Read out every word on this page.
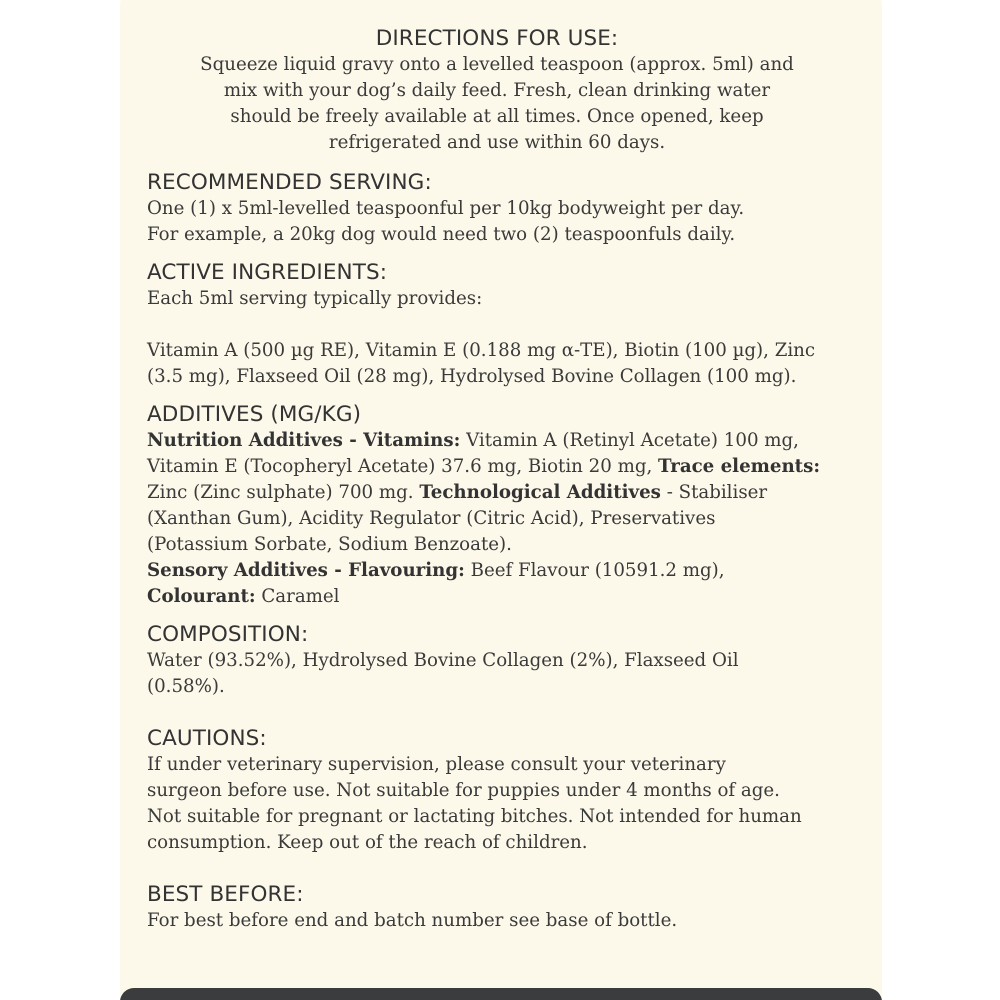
DIRECTIONS FOR USE:

Squeeze liquid gravy onto a levelled teaspoon (approx. 5ml) and
mix with your dog’s daily feed. Fresh, clean drinking water
should be freely available at all times. Once opened, keep
refrigerated and use within 60 days.

RECOMMENDED SERVING:

One (1) x 5ml-levelled teaspoonful per 10kg bodyweight per day.
For example, a 20kg dog would need two (2) teaspoonfuls daily.

ACTIVE INGREDIENTS:

Each 5ml serving typically provides:

Vitamin A (500 µg RE), Vitamin E (0.188 mg α-TE), Biotin (100 µg), Zinc
(3.5 mg), Flaxseed Oil (28 mg), Hydrolysed Bovine Collagen (100 mg).

ADDITIVES (MG/KG)

Nutrition Additives - Vitamins: Vitamin A (Retinyl Acetate) 100 mg,
Vitamin E (Tocopheryl Acetate) 37.6 mg, Biotin 20 mg, Trace elements:
Zinc (Zinc sulphate) 700 mg. Technological Additives - Stabiliser
(Xanthan Gum), Acidity Regulator (Citric Acid), Preservatives
(Potassium Sorbate, Sodium Benzoate).
Sensory Additives - Flavouring: Beef Flavour (10591.2 mg),
Colourant: Caramel

COMPOSITION:

Water (93.52%), Hydrolysed Bovine Collagen (2%), Flaxseed Oil
(0.58%).

CAUTIONS:

If under veterinary supervision, please consult your veterinary
surgeon before use. Not suitable for puppies under 4 months of age.
Not suitable for pregnant or lactating bitches. Not intended for human
consumption. Keep out of the reach of children.

BEST BEFORE:

For best before end and batch number see base of bottle.
